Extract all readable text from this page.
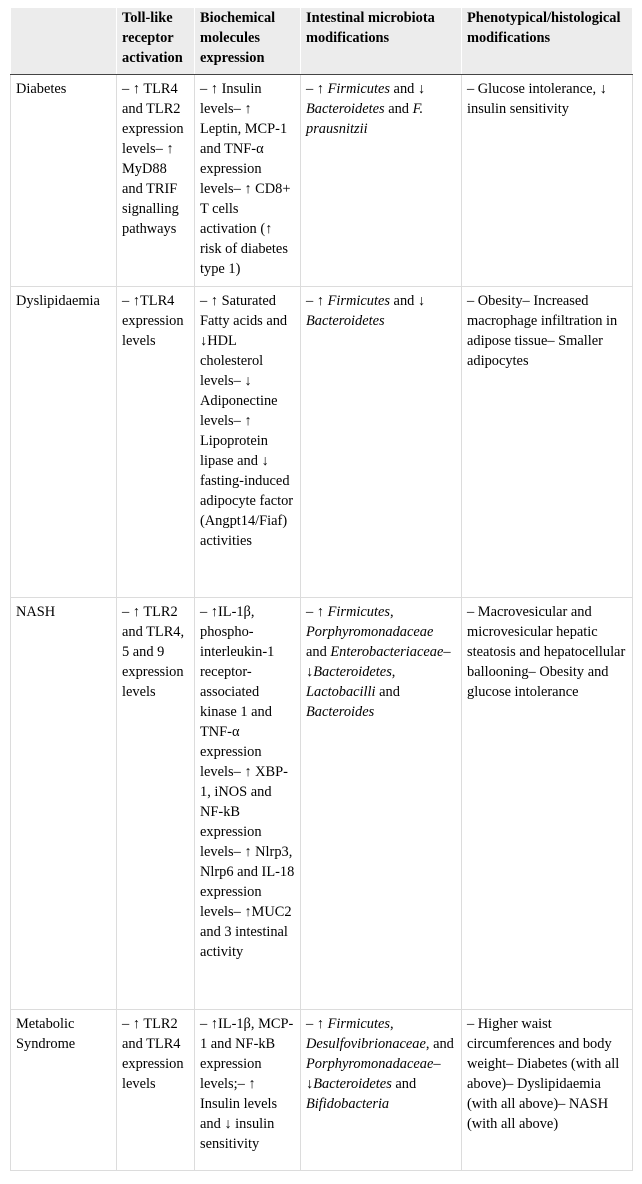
	Toll-like receptor activation	Biochemical molecules expression	Intestinal microbiota modifications	Phenotypical/histological modifications
Diabetes	– ↑ TLR4 and TLR2 expression levels– ↑ MyD88 and TRIF signalling pathways	– ↑ Insulin levels– ↑ Leptin, MCP-1 and TNF-α expression levels– ↑ CD8+ T cells activation (↑ risk of diabetes type 1)	– ↑ Firmicutes and ↓ Bacteroidetes and F. prausnitzii	– Glucose intolerance, ↓ insulin sensitivity
Dyslipidaemia	– ↑TLR4 expression levels	– ↑ Saturated Fatty acids and ↓HDL cholesterol levels– ↓ Adiponectine levels– ↑ Lipoprotein lipase and ↓ fasting-induced adipocyte factor (Angpt14/Fiaf) activities	– ↑ Firmicutes and ↓ Bacteroidetes	– Obesity– Increased macrophage infiltration in adipose tissue– Smaller adipocytes
NASH	– ↑ TLR2 and TLR4, 5 and 9 expression levels	– ↑IL-1β, phospho-interleukin-1 receptor-associated kinase 1 and TNF-α expression levels– ↑ XBP-1, iNOS and NF-kB expression levels– ↑ Nlrp3, Nlrp6 and IL-18 expression levels– ↑MUC2 and 3 intestinal activity	– ↑ Firmicutes, Porphyromonadaceae and Enterobacteriaceae– ↓Bacteroidetes, Lactobacilli and Bacteroides	– Macrovesicular and microvesicular hepatic steatosis and hepatocellular ballooning– Obesity and glucose intolerance
Metabolic Syndrome	– ↑ TLR2 and TLR4 expression levels	– ↑IL-1β, MCP-1 and NF-kB expression levels;– ↑ Insulin levels and ↓ insulin sensitivity	– ↑ Firmicutes, Desulfovibrionaceae, and Porphyromonadaceae– ↓Bacteroidetes and Bifidobacteria	– Higher waist circumferences and body weight– Diabetes (with all above)– Dyslipidaemia (with all above)– NASH (with all above)
